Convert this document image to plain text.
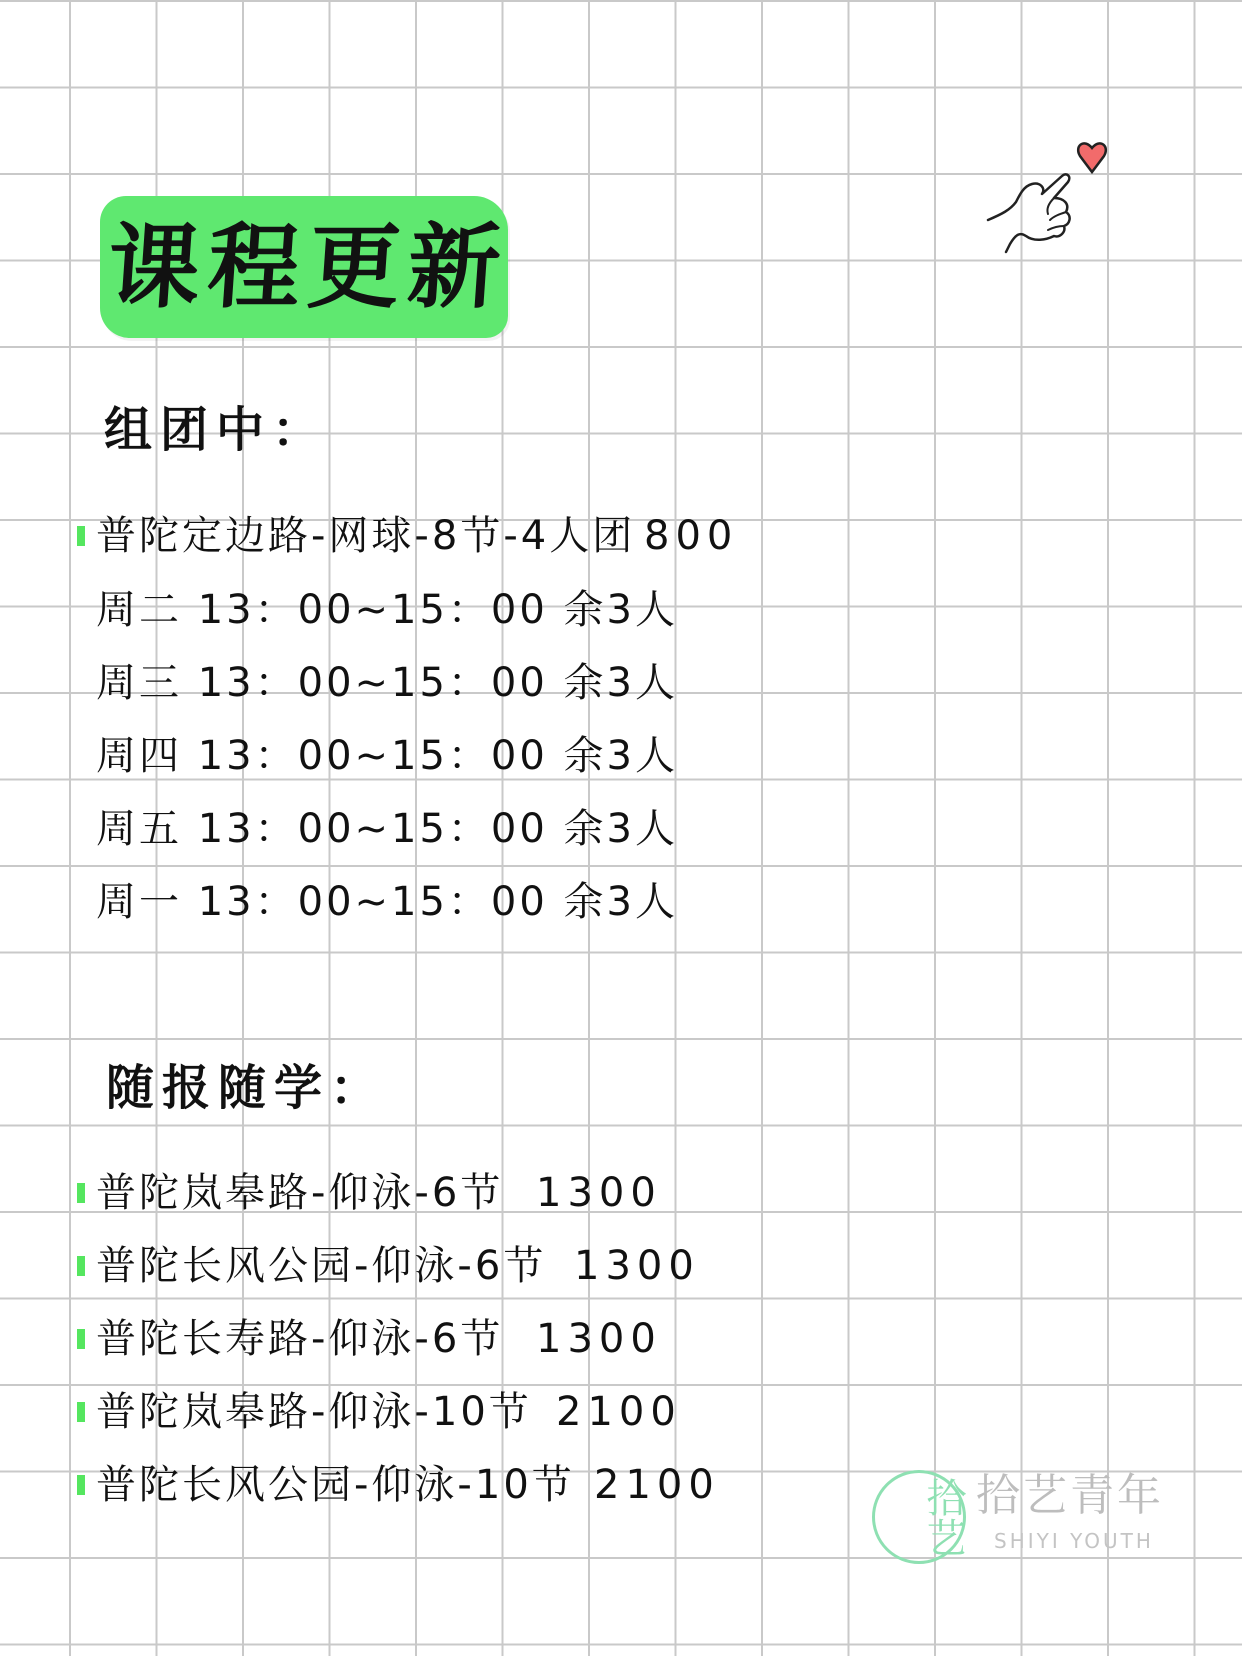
课程更新
组团中：
普陀定边路-网球-8节-4人团 800
周二 13：00~15：00 余3人
周三 13：00~15：00 余3人
周四 13：00~15：00 余3人
周五 13：00~15：00 余3人
周一 13：00~15：00 余3人
随报随学：
普陀岚皋路-仰泳-6节 1300
普陀长风公园-仰泳-6节 1300
普陀长寿路-仰泳-6节 1300
普陀岚皋路-仰泳-10节 2100
普陀长风公园-仰泳-10节 2100	拾艺 拾艺青年
SHIYI YOUTH
